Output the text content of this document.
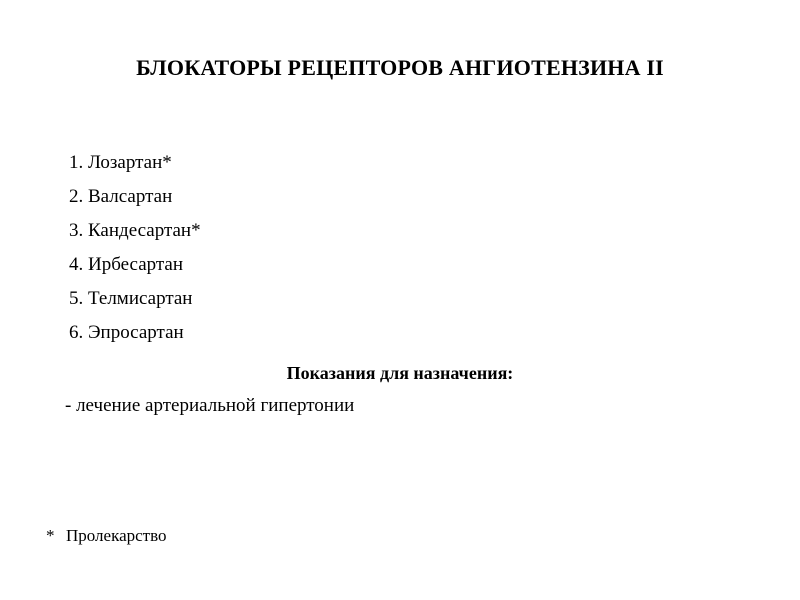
БЛОКАТОРЫ РЕЦЕПТОРОВ АНГИОТЕНЗИНА II
1. Лозартан*
2. Валсартан
3. Кандесартан*
4. Ирбесартан
5. Телмисартан
6. Эпросартан
Показания для назначения:
- лечение артериальной гипертонии
* Пролекарство
